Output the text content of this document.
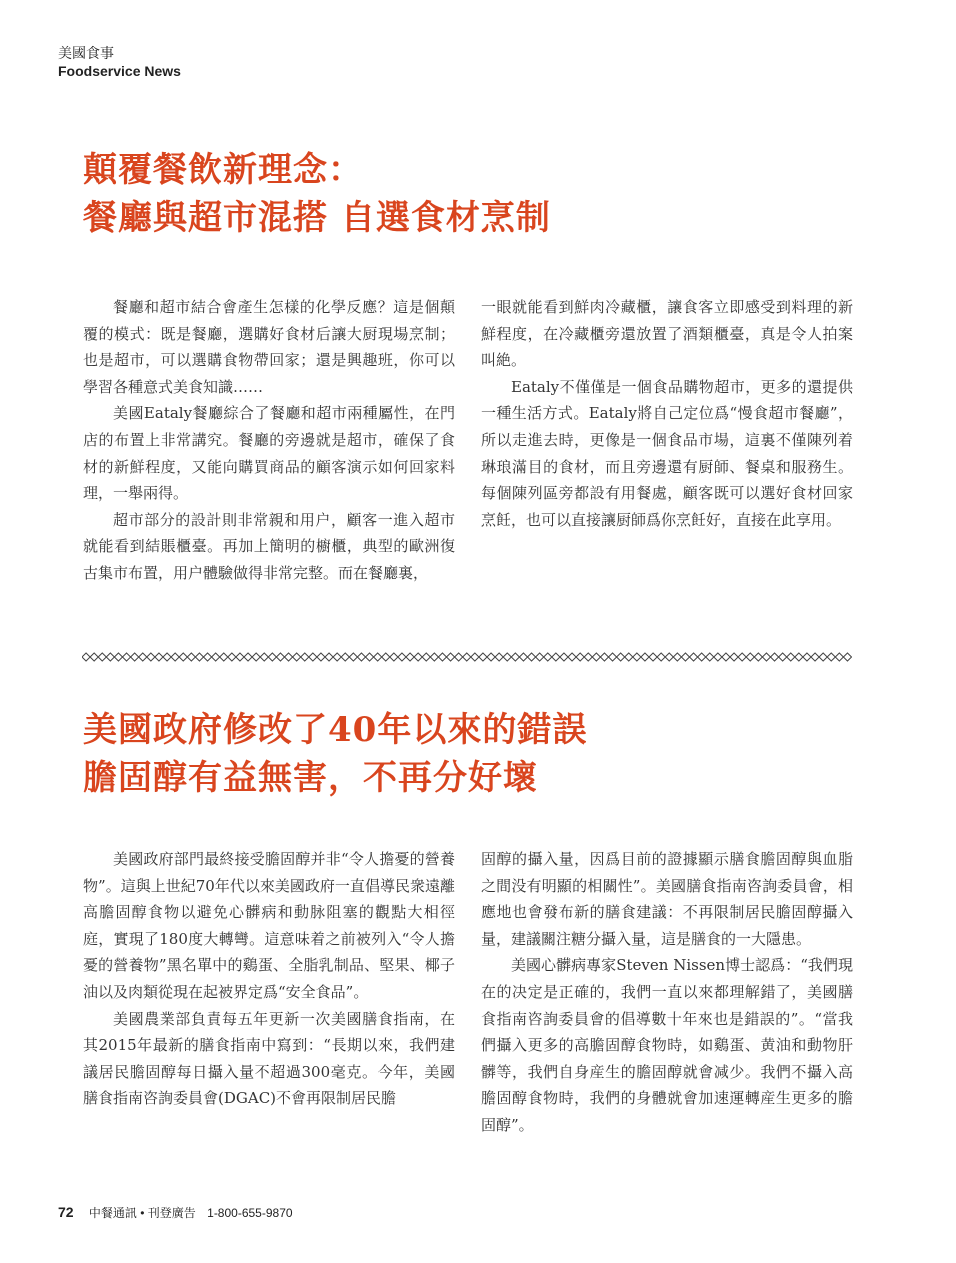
美國食事
Foodservice News
顛覆餐飲新理念：
餐廳與超市混搭 自選食材烹制

餐廳和超市結合會產生怎樣的化學反應？這是個顛覆的模式：既是餐廳，選購好食材后讓大厨現場烹制；也是超市，可以選購食物帶回家；還是興趣班，你可以學習各種意式美食知識……

美國Eataly餐廳綜合了餐廳和超市兩種屬性，在門店的布置上非常講究。餐廳的旁邊就是超市，確保了食材的新鮮程度，又能向購買商品的顧客演示如何回家料理，一舉兩得。

超市部分的設計則非常親和用户，顧客一進入超市就能看到結賬櫃臺。再加上簡明的櫥櫃，典型的歐洲復古集市布置，用户體驗做得非常完整。而在餐廳裏，

一眼就能看到鮮肉冷藏櫃，讓食客立即感受到料理的新鮮程度，在冷藏櫃旁還放置了酒類櫃臺，真是令人拍案叫絶。

Eataly不僅僅是一個食品購物超市，更多的還提供一種生活方式。Eataly將自己定位爲“慢食超市餐廳”，所以走進去時，更像是一個食品市場，這裏不僅陳列着琳琅滿目的食材，而且旁邊還有厨師、餐桌和服務生。每個陳列區旁都設有用餐處，顧客既可以選好食材回家烹飪，也可以直接讓厨師爲你烹飪好，直接在此享用。

美國政府修改了40年以來的錯誤
膽固醇有益無害，不再分好壞

美國政府部門最終接受膽固醇并非“令人擔憂的營養物”。這與上世紀70年代以來美國政府一直倡導民衆遠離高膽固醇食物以避免心髒病和動脉阻塞的觀點大相徑庭，實現了180度大轉彎。這意味着之前被列入“令人擔憂的營養物”黑名單中的鷄蛋、全脂乳制品、堅果、椰子油以及肉類從現在起被界定爲“安全食品”。

美國農業部負責每五年更新一次美國膳食指南，在其2015年最新的膳食指南中寫到：“長期以來，我們建議居民膽固醇每日攝入量不超過300毫克。今年，美國膳食指南咨詢委員會(DGAC)不會再限制居民膽

固醇的攝入量，因爲目前的證據顯示膳食膽固醇與血脂之間没有明顯的相關性”。美國膳食指南咨詢委員會，相應地也會發布新的膳食建議：不再限制居民膽固醇攝入量，建議關注糖分攝入量，這是膳食的一大隱患。

美國心髒病專家Steven Nissen博士認爲：“我們現在的决定是正確的，我們一直以來都理解錯了，美國膳食指南咨詢委員會的倡導數十年來也是錯誤的”。“當我們攝入更多的高膽固醇食物時，如鷄蛋、黄油和動物肝髒等，我們自身産生的膽固醇就會减少。我們不攝入高膽固醇食物時，我們的身體就會加速運轉産生更多的膽固醇”。

72 中餐通訊 • 刊登廣告 1-800-655-9870
